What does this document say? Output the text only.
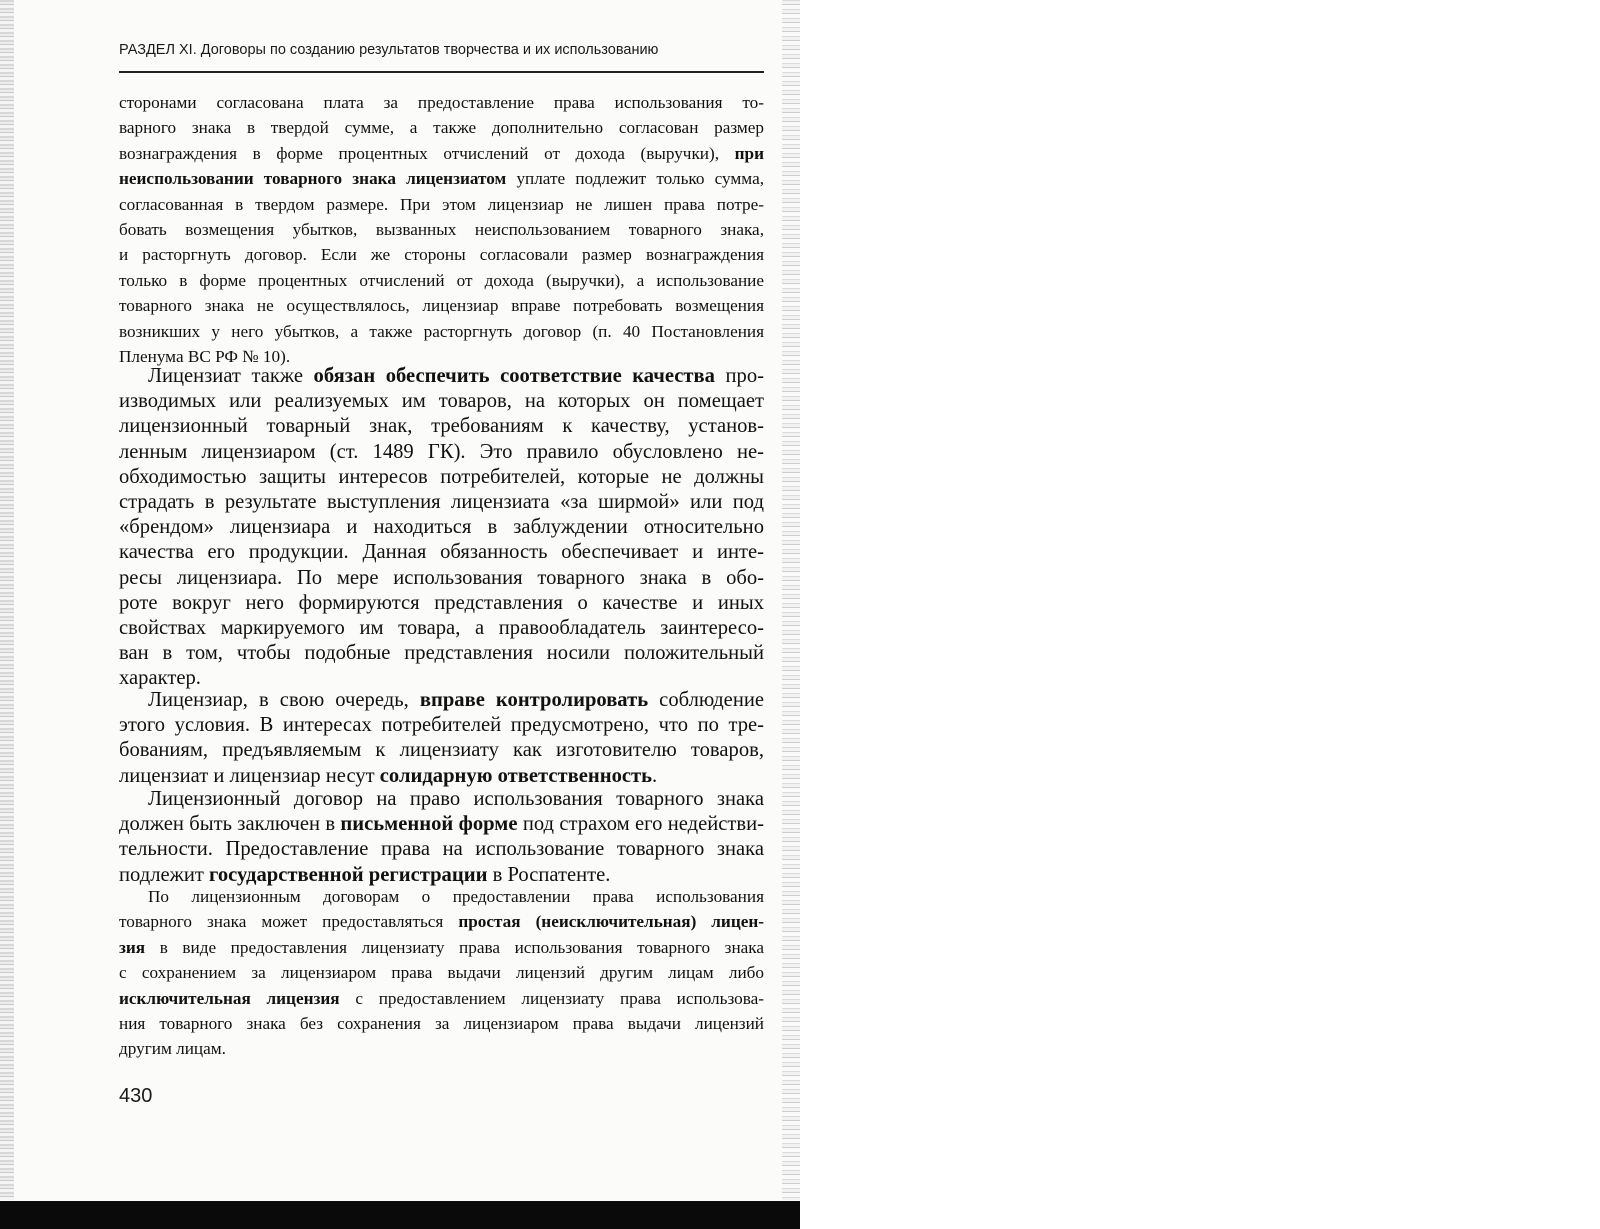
РАЗДЕЛ XI. Договоры по созданию результатов творчества и их использованию
сторонами согласована плата за предоставление права использования то-
варного знака в твердой сумме, а также дополнительно согласован размер
вознаграждения в форме процентных отчислений от дохода (выручки), при
неиспользовании товарного знака лицензиатом уплате подлежит только сумма,
согласованная в твердом размере. При этом лицензиар не лишен права потре-
бовать возмещения убытков, вызванных неиспользованием товарного знака,
и расторгнуть договор. Если же стороны согласовали размер вознаграждения
только в форме процентных отчислений от дохода (выручки), а использование
товарного знака не осуществлялось, лицензиар вправе потребовать возмещения
возникших у него убытков, а также расторгнуть договор (п. 40 Постановления
Пленума ВС РФ № 10).
Лицензиат также обязан обеспечить соответствие качества про-
изводимых или реализуемых им товаров, на которых он помещает
лицензионный товарный знак, требованиям к качеству, установ-
ленным лицензиаром (ст. 1489 ГК). Это правило обусловлено не-
обходимостью защиты интересов потребителей, которые не должны
страдать в результате выступления лицензиата «за ширмой» или под
«брендом» лицензиара и находиться в заблуждении относительно
качества его продукции. Данная обязанность обеспечивает и инте-
ресы лицензиара. По мере использования товарного знака в обо-
роте вокруг него формируются представления о качестве и иных
свойствах маркируемого им товара, а правообладатель заинтересо-
ван в том, чтобы подобные представления носили положительный
характер.
Лицензиар, в свою очередь, вправе контролировать соблюдение
этого условия. В интересах потребителей предусмотрено, что по тре-
бованиям, предъявляемым к лицензиату как изготовителю товаров,
лицензиат и лицензиар несут солидарную ответственность.
Лицензионный договор на право использования товарного знака
должен быть заключен в письменной форме под страхом его недействи-
тельности. Предоставление права на использование товарного знака
подлежит государственной регистрации в Роспатенте.
По лицензионным договорам о предоставлении права использования
товарного знака может предоставляться простая (неисключительная) лицен-
зия в виде предоставления лицензиату права использования товарного знака
с сохранением за лицензиаром права выдачи лицензий другим лицам либо
исключительная лицензия с предоставлением лицензиату права использова-
ния товарного знака без сохранения за лицензиаром права выдачи лицензий
другим лицам.
430
